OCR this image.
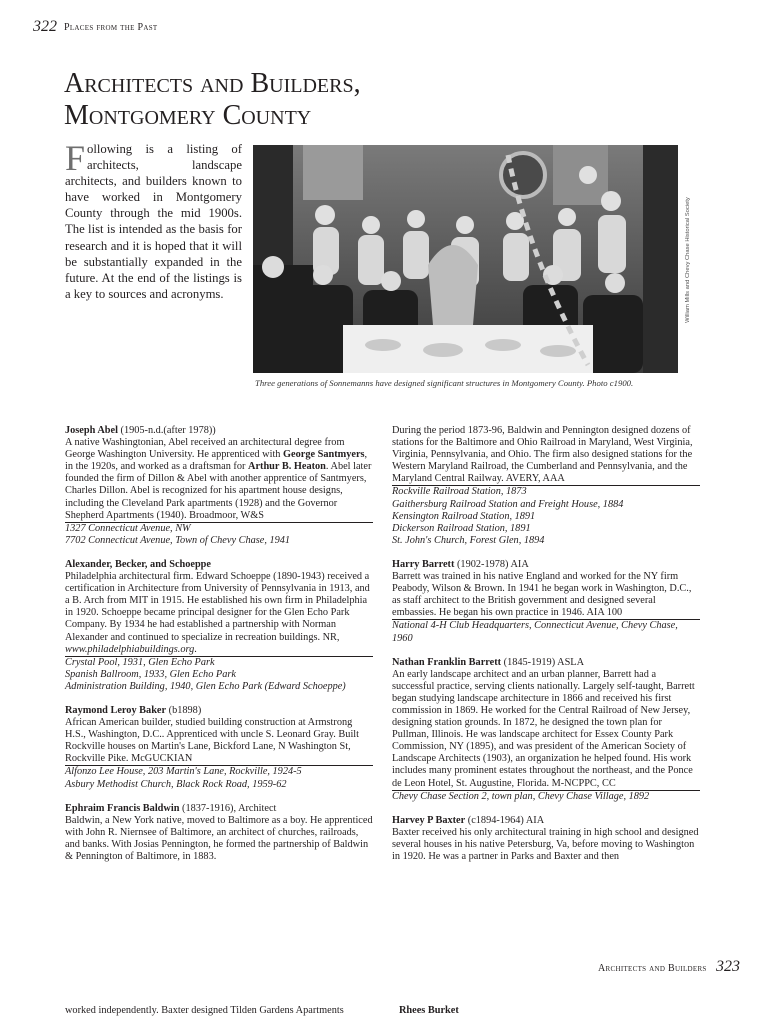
322 Places from the Past
Architects and Builders,
Montgomery County
Following is a listing of architects, landscape architects, and builders known to have worked in Montgomery County through the mid 1900s. The list is intended as the basis for research and it is hoped that it will be substantially expanded in the future. At the end of the listings is a key to sources and acronyms.	William Mills and Chevy Chase Historical Society
Three generations of Sonnemanns have designed significant structures in Montgomery County. Photo c1900.

Joseph Abel (1905-n.d.(after 1978))

A native Washingtonian, Abel received an architectural degree from George Washington University. He apprenticed with George Santmyers, in the 1920s, and worked as a draftsman for Arthur B. Heaton. Abel later founded the firm of Dillon & Abel with another apprentice of Santmyers, Charles Dillon. Abel is recognized for his apartment house designs, including the Cleveland Park apartments (1928) and the Governor Shepherd Apartments (1940). Broadmoor, W&S

1327 Connecticut Avenue, NW
7702 Connecticut Avenue, Town of Chevy Chase, 1941

Alexander, Becker, and Schoeppe

Philadelphia architectural firm. Edward Schoeppe (1890-1943) received a certification in Architecture from University of Pennsylvania in 1913, and a B. Arch from MIT in 1915. He established his own firm in Philadelphia in 1920. Schoeppe became principal designer for the Glen Echo Park Company. By 1934 he had established a partnership with Norman Alexander and continued to specialize in recreation buildings. NR, www.philadelphiabuildings.org.

Crystal Pool, 1931, Glen Echo Park
Spanish Ballroom, 1933, Glen Echo Park
Administration Building, 1940, Glen Echo Park (Edward Schoeppe)

Raymond Leroy Baker (b1898)

African American builder, studied building construction at Armstrong H.S., Washington, D.C.. Apprenticed with uncle S. Leonard Gray. Built Rockville houses on Martin's Lane, Bickford Lane, N Washington St, Rockville Pike. McGUCKIAN

Alfonzo Lee House, 203 Martin's Lane, Rockville, 1924-5
Asbury Methodist Church, Black Rock Road, 1959-62

Ephraim Francis Baldwin (1837-1916), Architect

Baldwin, a New York native, moved to Baltimore as a boy. He apprenticed with John R. Niernsee of Baltimore, an architect of churches, railroads, and banks. With Josias Pennington, he formed the partnership of Baldwin & Pennington of Baltimore, in 1883.

During the period 1873-96, Baldwin and Pennington designed dozens of stations for the Baltimore and Ohio Railroad in Maryland, West Virginia, Virginia, Pennsylvania, and Ohio. The firm also designed stations for the Western Maryland Railroad, the Cumberland and Pennsylvania, and the Maryland Central Railway. AVERY, AAA

Rockville Railroad Station, 1873
Gaithersburg Railroad Station and Freight House, 1884
Kensington Railroad Station, 1891
Dickerson Railroad Station, 1891
St. John's Church, Forest Glen, 1894

Harry Barrett (1902-1978) AIA

Barrett was trained in his native England and worked for the NY firm Peabody, Wilson & Brown. In 1941 he began work in Washington, D.C., as staff architect to the British government and designed several embassies. He began his own practice in 1946. AIA 100

National 4-H Club Headquarters, Connecticut Avenue, Chevy Chase, 1960

Nathan Franklin Barrett (1845-1919) ASLA

An early landscape architect and an urban planner, Barrett had a successful practice, serving clients nationally. Largely self-taught, Barrett began studying landscape architecture in 1866 and received his first commission in 1869. He worked for the Central Railroad of New Jersey, designing station grounds. In 1872, he designed the town plan for Pullman, Illinois. He was landscape architect for Essex County Park Commission, NY (1895), and was president of the American Society of Landscape Architects (1903), an organization he helped found. His work includes many prominent estates throughout the northeast, and the Ponce de Leon Hotel, St. Augustine, Florida. M-NCPPC, CC

Chevy Chase Section 2, town plan, Chevy Chase Village, 1892

Harvey P Baxter (c1894-1964) AIA

Baxter received his only architectural training in high school and designed several houses in his native Petersburg, Va, before moving to Washington in 1920. He was a partner in Parks and Baxter and then

Architects and Builders 323
worked independently. Baxter designed Tilden Gardens Apartments	Rhees Burket
